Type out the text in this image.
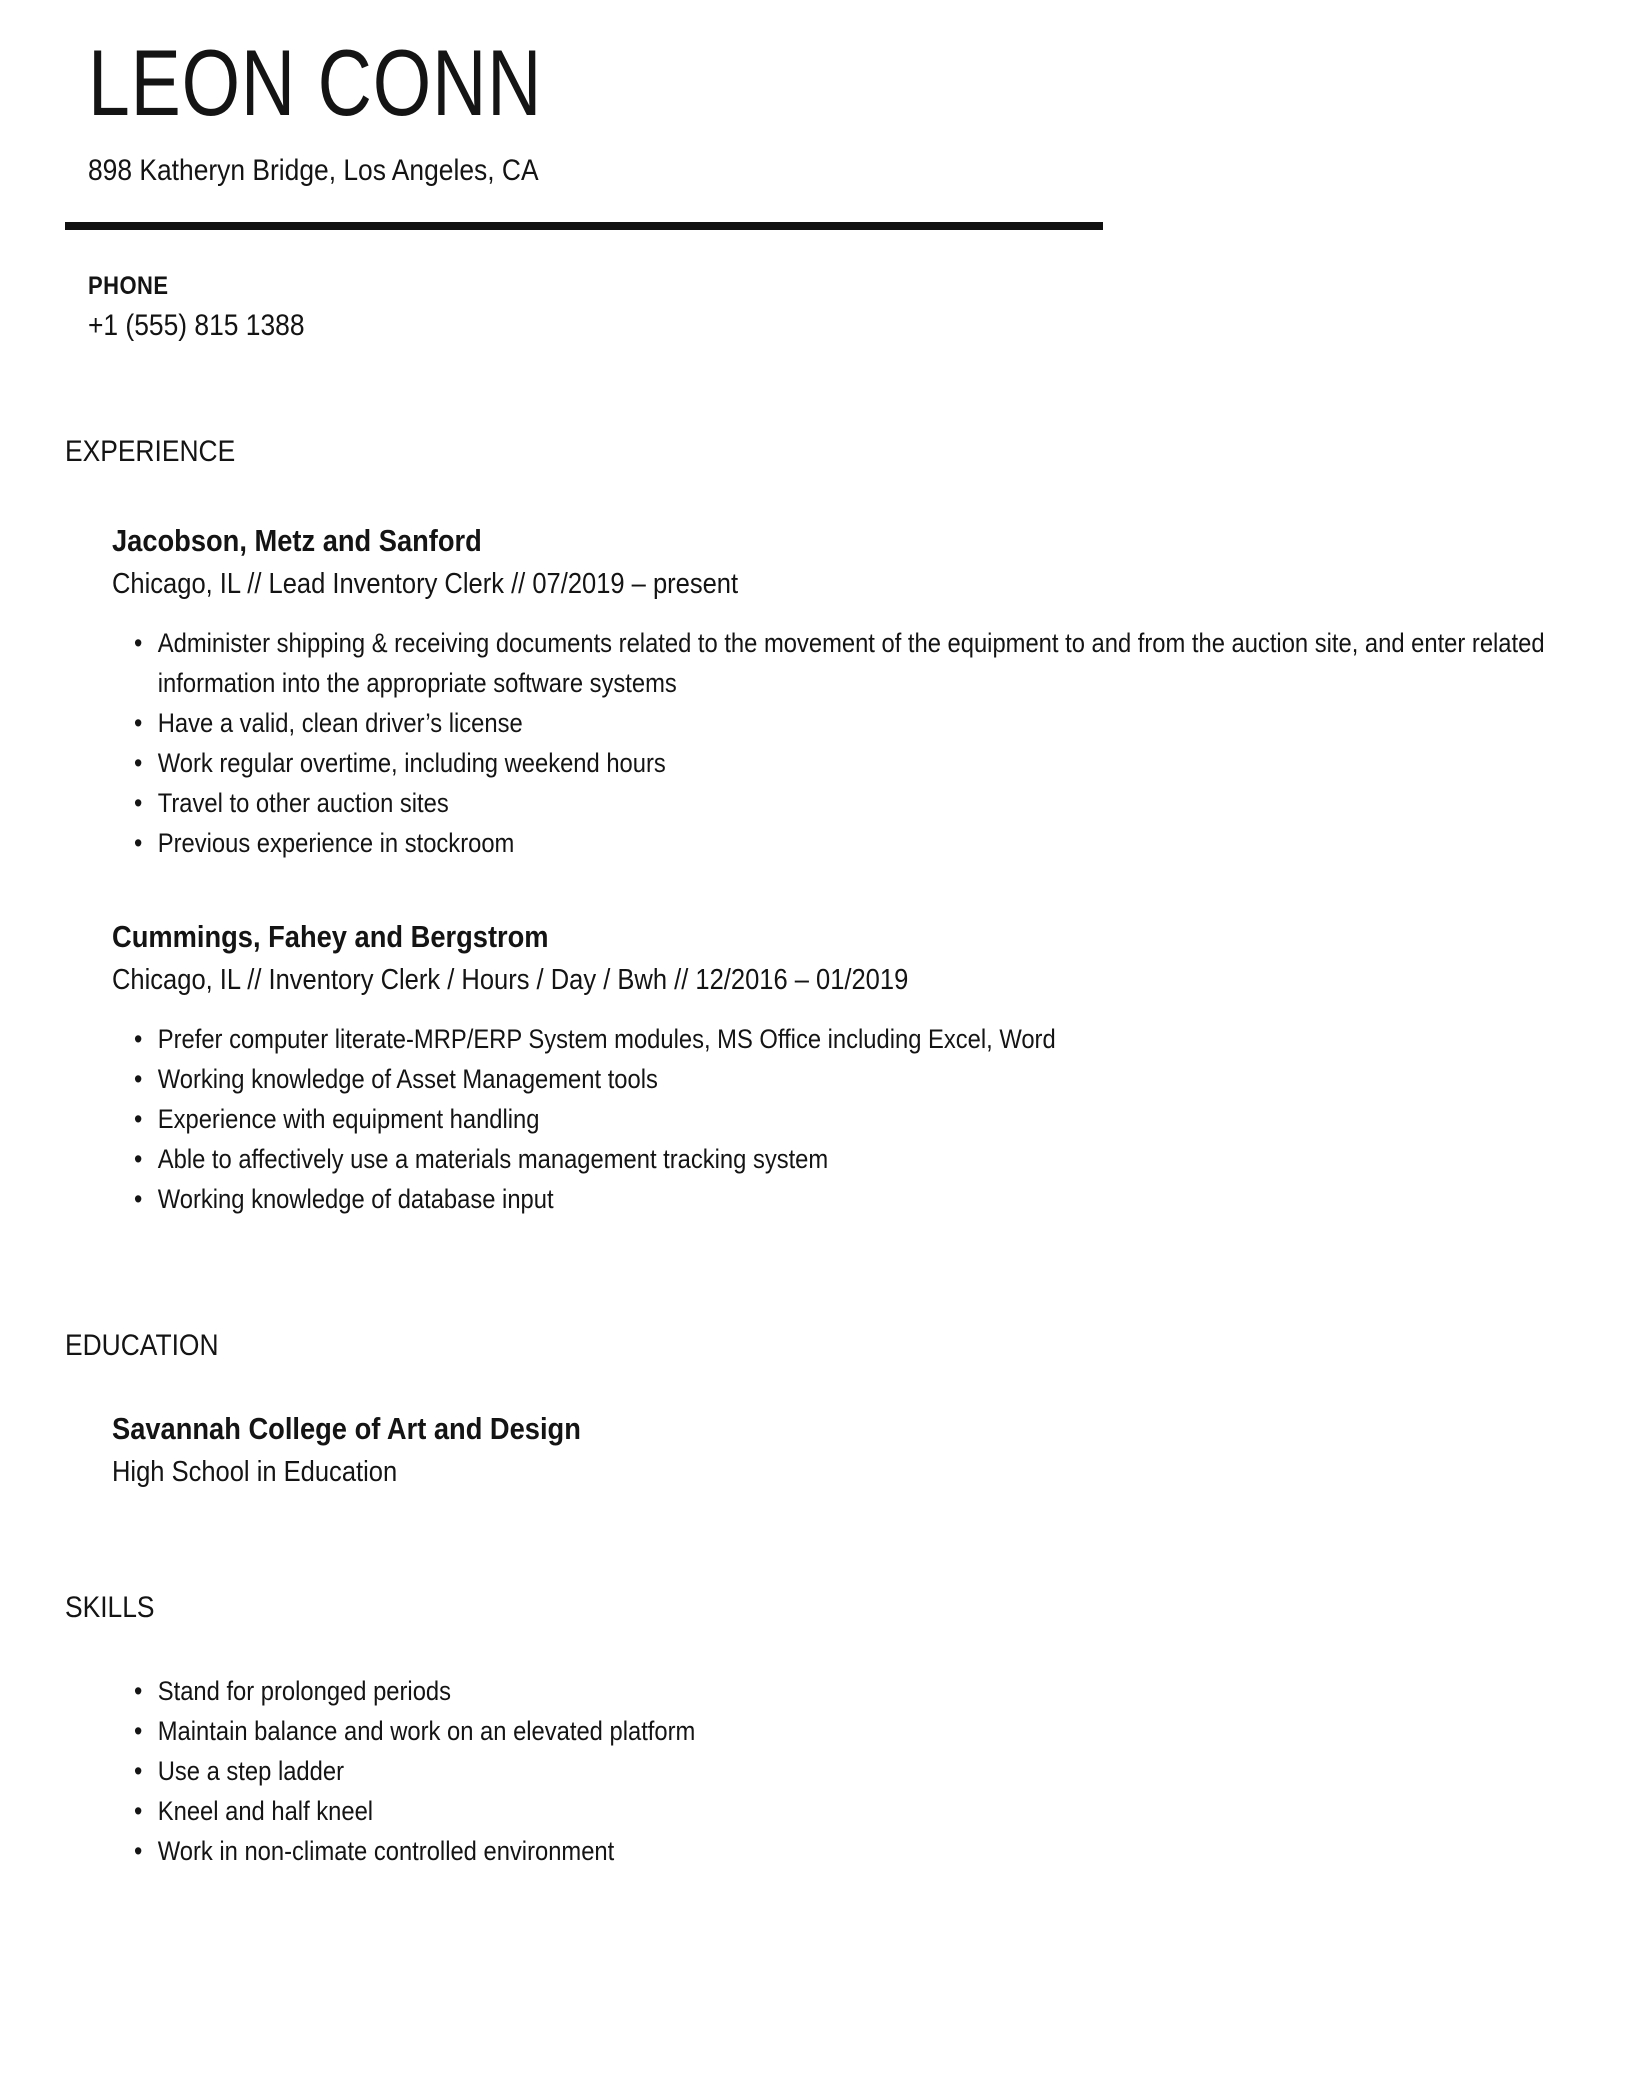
LEON CONN
898 Katheryn Bridge, Los Angeles, CA
PHONE
+1 (555) 815 1388
EXPERIENCE
Jacobson, Metz and Sanford
Chicago, IL // Lead Inventory Clerk // 07/2019 – present
• Administer shipping & receiving documents related to the movement of the equipment to and from the auction site, and enter related information into the appropriate software systems
• Have a valid, clean driver’s license
• Work regular overtime, including weekend hours
• Travel to other auction sites
• Previous experience in stockroom
Cummings, Fahey and Bergstrom
Chicago, IL // Inventory Clerk / Hours / Day / Bwh // 12/2016 – 01/2019
• Prefer computer literate-MRP/ERP System modules, MS Office including Excel, Word
• Working knowledge of Asset Management tools
• Experience with equipment handling
• Able to affectively use a materials management tracking system
• Working knowledge of database input
EDUCATION
Savannah College of Art and Design
High School in Education
SKILLS
• Stand for prolonged periods
• Maintain balance and work on an elevated platform
• Use a step ladder
• Kneel and half kneel
• Work in non-climate controlled environment
